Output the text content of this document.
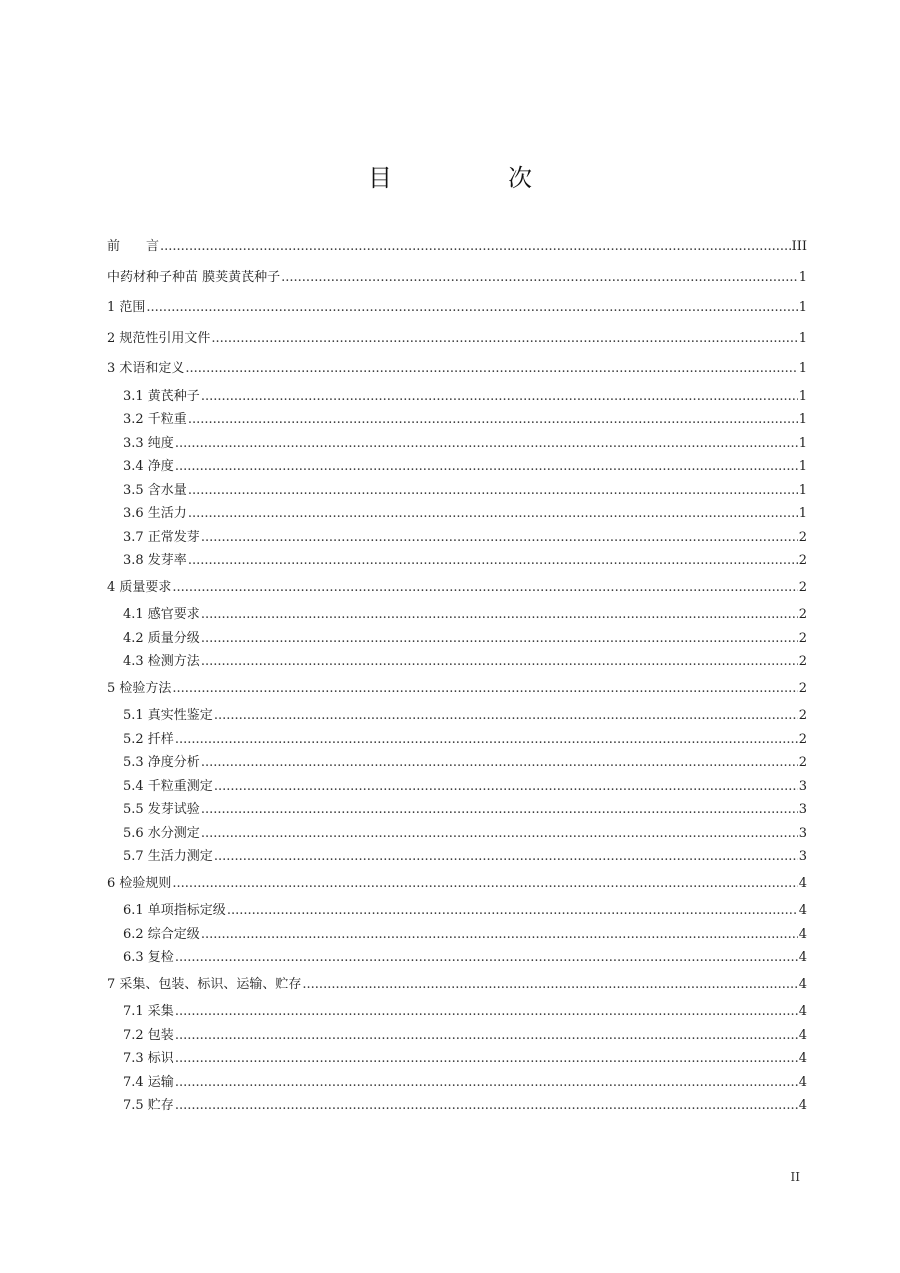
目　次
前　　言 .....	III
中药材种子种苗 膜荚黄芪种子 .....	1
1 范围 .....	1
2 规范性引用文件 .....	1
3 术语和定义 .....	1
3.1 黄芪种子 .....	1
3.2 千粒重 .....	1
3.3 纯度 .....	1
3.4 净度 .....	1
3.5 含水量 .....	1
3.6 生活力 .....	1
3.7 正常发芽 .....	2
3.8 发芽率 .....	2
4 质量要求 .....	2
4.1 感官要求 .....	2
4.2 质量分级 .....	2
4.3 检测方法 .....	2
5 检验方法 .....	2
5.1 真实性鉴定 .....	2
5.2 扦样 .....	2
5.3 净度分析 .....	2
5.4 千粒重测定 .....	3
5.5 发芽试验 .....	3
5.6 水分测定 .....	3
5.7 生活力测定 .....	3
6 检验规则 .....	4
6.1 单项指标定级 .....	4
6.2 综合定级 .....	4
6.3 复检 .....	4
7 采集、包装、标识、运输、贮存 .....	4
7.1 采集 .....	4
7.2 包装 .....	4
7.3 标识 .....	4
7.4 运输 .....	4
7.5 贮存 .....	4
II
